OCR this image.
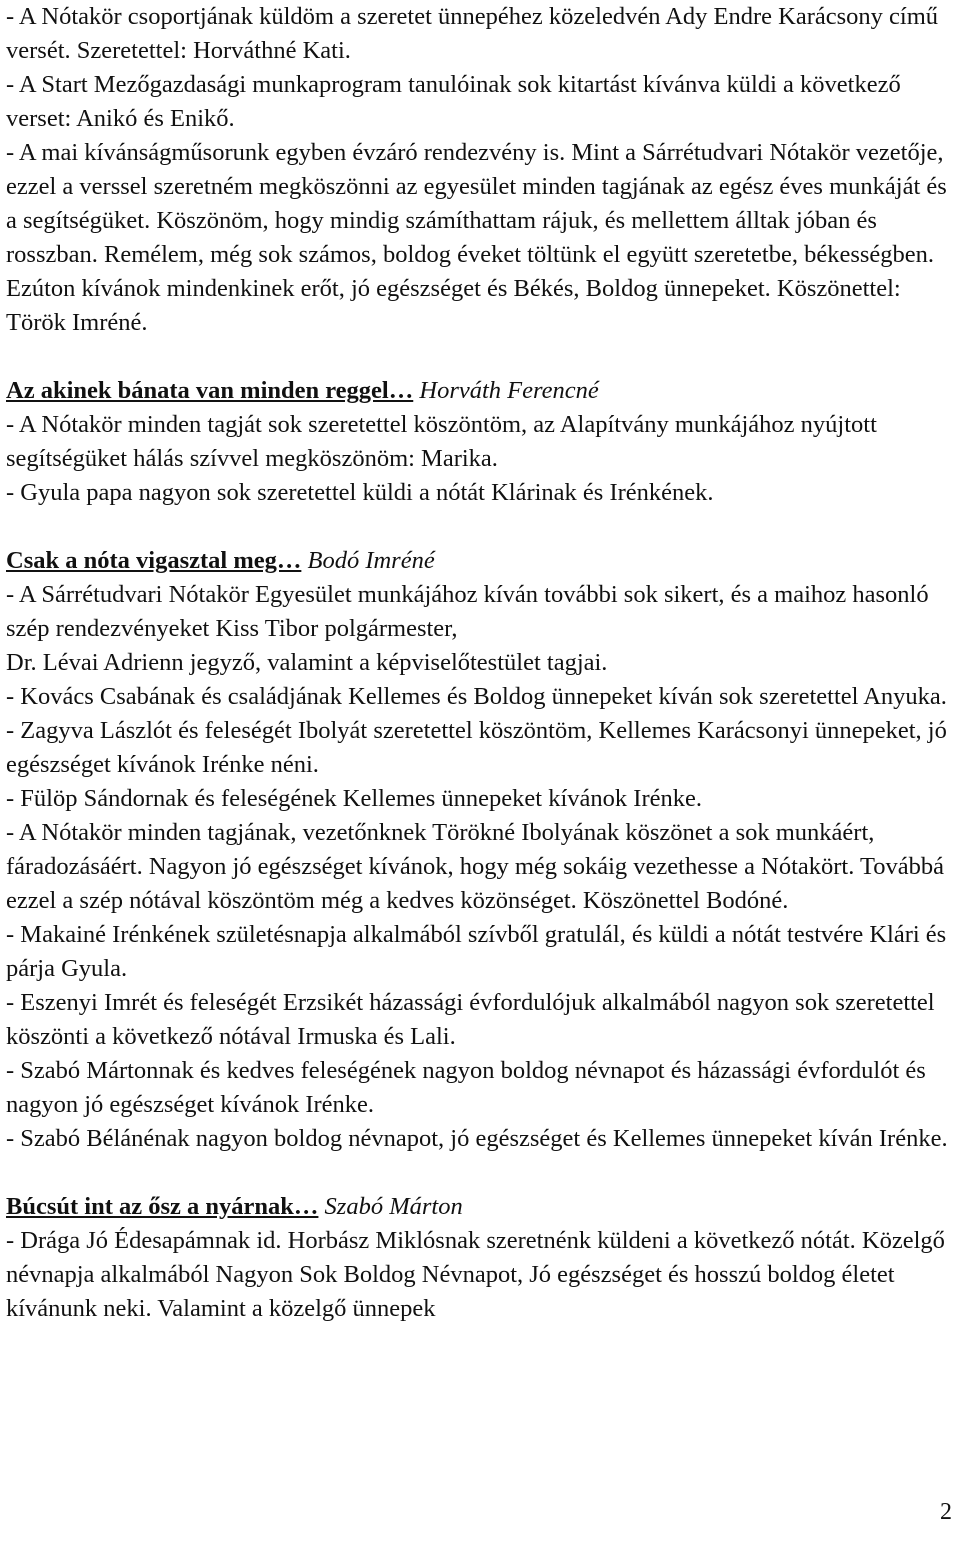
- A Nótakör csoportjának küldöm a szeretet ünnepéhez közeledvén Ady Endre Karácsony című versét. Szeretettel: Horváthné Kati.

- A Start Mezőgazdasági munkaprogram tanulóinak sok kitartást kívánva küldi a következő verset: Anikó és Enikő.

- A mai kívánságműsorunk egyben évzáró rendezvény is. Mint a Sárrétudvari Nótakör vezetője, ezzel a verssel szeretném megköszönni az egyesület minden tagjának az egész éves munkáját és a segítségüket. Köszönöm, hogy mindig számíthattam rájuk, és mellettem álltak jóban és rosszban. Remélem, még sok számos, boldog éveket töltünk el együtt szeretetbe, békességben. Ezúton kívánok mindenkinek erőt, jó egészséget és Békés, Boldog ünnepeket. Köszönettel: Török Imréné.

Az akinek bánata van minden reggel… Horváth Ferencné

- A Nótakör minden tagját sok szeretettel köszöntöm, az Alapítvány munkájához nyújtott segítségüket hálás szívvel megköszönöm: Marika.

- Gyula papa nagyon sok szeretettel küldi a nótát Klárinak és Irénkének.

Csak a nóta vigasztal meg… Bodó Imréné

- A Sárrétudvari Nótakör Egyesület munkájához kíván további sok sikert, és a maihoz hasonló szép rendezvényeket Kiss Tibor polgármester,

Dr. Lévai Adrienn jegyző, valamint a képviselőtestület tagjai.

- Kovács Csabának és családjának Kellemes és Boldog ünnepeket kíván sok szeretettel Anyuka.

- Zagyva Lászlót és feleségét Ibolyát szeretettel köszöntöm, Kellemes Karácsonyi ünnepeket, jó egészséget kívánok Irénke néni.

- Fülöp Sándornak és feleségének Kellemes ünnepeket kívánok Irénke.

- A Nótakör minden tagjának, vezetőnknek Törökné Ibolyának köszönet a sok munkáért, fáradozásáért. Nagyon jó egészséget kívánok, hogy még sokáig vezethesse a Nótakört. Továbbá ezzel a szép nótával köszöntöm még a kedves közönséget. Köszönettel Bodóné.

- Makainé Irénkének születésnapja alkalmából szívből gratulál, és küldi a nótát testvére Klári és párja Gyula.

- Eszenyi Imrét és feleségét Erzsikét házassági évfordulójuk alkalmából nagyon sok szeretettel köszönti a következő nótával Irmuska és Lali.

- Szabó Mártonnak és kedves feleségének nagyon boldog névnapot és házassági évfordulót és nagyon jó egészséget kívánok Irénke.

- Szabó Bélánénak nagyon boldog névnapot, jó egészséget és Kellemes ünnepeket kíván Irénke.

Búcsút int az ősz a nyárnak… Szabó Márton

- Drága Jó Édesapámnak id. Horbász Miklósnak szeretnénk küldeni a következő nótát. Közelgő névnapja alkalmából Nagyon Sok Boldog Névnapot, Jó egészséget és hosszú boldog életet kívánunk neki. Valamint a közelgő ünnepek

2
